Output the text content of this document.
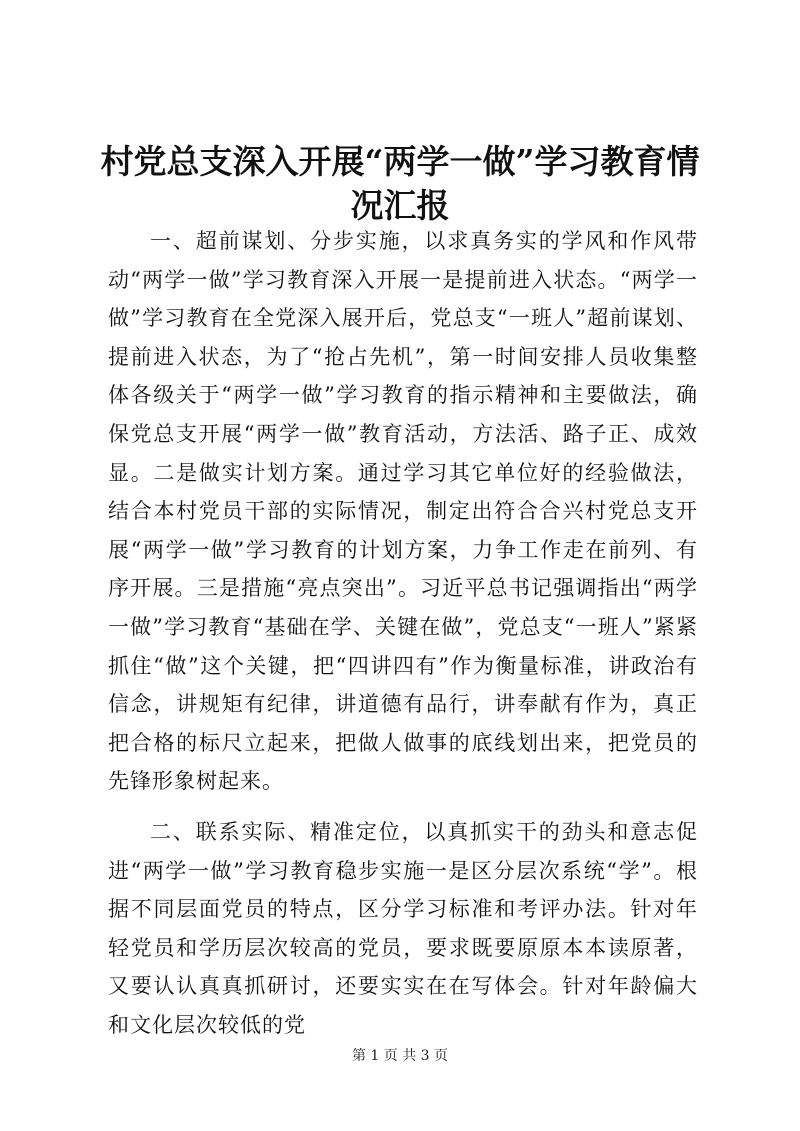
村党总支深入开展“两学一做”学习教育情况汇报

一、超前谋划、分步实施，以求真务实的学风和作风带动“两学一做”学习教育深入开展一是提前进入状态。“两学一做”学习教育在全党深入展开后，党总支“一班人”超前谋划、提前进入状态，为了“抢占先机”，第一时间安排人员收集整体各级关于“两学一做”学习教育的指示精神和主要做法，确保党总支开展“两学一做”教育活动，方法活、路子正、成效显。二是做实计划方案。通过学习其它单位好的经验做法，结合本村党员干部的实际情况，制定出符合合兴村党总支开展“两学一做”学习教育的计划方案，力争工作走在前列、有序开展。三是措施“亮点突出”。习近平总书记强调指出“两学一做”学习教育“基础在学、关键在做”，党总支“一班人”紧紧抓住“做”这个关键，把“四讲四有”作为衡量标准，讲政治有信念，讲规矩有纪律，讲道德有品行，讲奉献有作为，真正把合格的标尺立起来，把做人做事的底线划出来，把党员的先锋形象树起来。

二、联系实际、精准定位，以真抓实干的劲头和意志促进“两学一做”学习教育稳步实施一是区分层次系统“学”。根据不同层面党员的特点，区分学习标准和考评办法。针对年轻党员和学历层次较高的党员，要求既要原原本本读原著，又要认认真真抓研讨，还要实实在在写体会。针对年龄偏大和文化层次较低的党

第 1 页 共 3 页
